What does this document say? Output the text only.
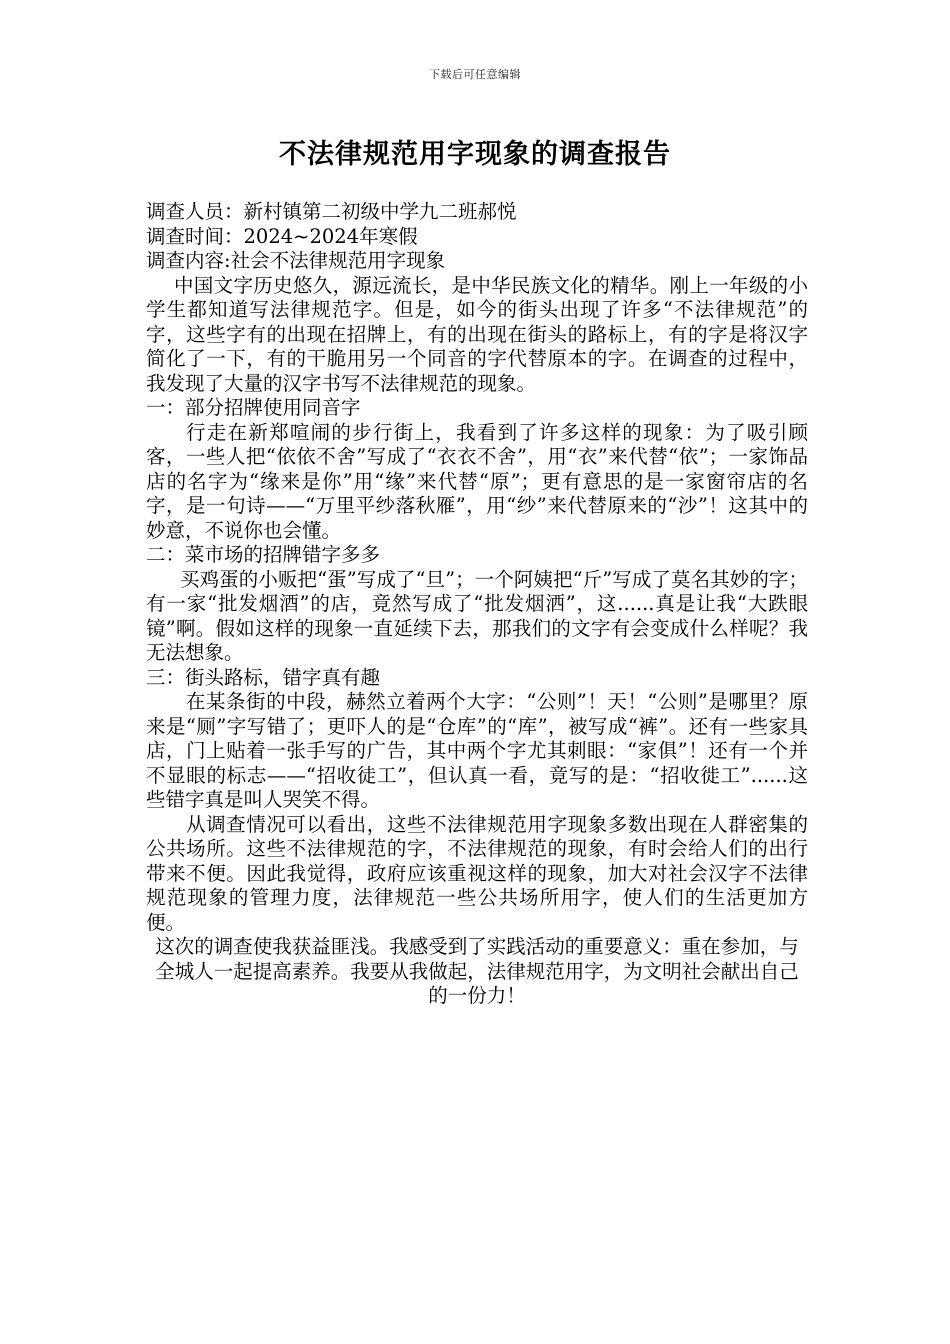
下载后可任意编辑
不法律规范用字现象的调查报告

调查人员：新村镇第二初级中学九二班郝悦

调查时间：2024~2024年寒假

调查内容:社会不法律规范用字现象

中国文字历史悠久，源远流长，是中华民族文化的精华。刚上一年级的小学生都知道写法律规范字。但是，如今的街头出现了许多“不法律规范”的字，这些字有的出现在招牌上，有的出现在街头的路标上，有的字是将汉字简化了一下，有的干脆用另一个同音的字代替原本的字。在调查的过程中，我发现了大量的汉字书写不法律规范的现象。

一：部分招牌使用同音字

行走在新郑喧闹的步行街上，我看到了许多这样的现象：为了吸引顾客，一些人把“依依不舍”写成了“衣衣不舍”，用“衣”来代替“依”；一家饰品店的名字为“缘来是你”用“缘”来代替“原”；更有意思的是一家窗帘店的名字，是一句诗——“万里平纱落秋雁”，用“纱”来代替原来的“沙”！这其中的妙意，不说你也会懂。

二：菜市场的招牌错字多多

买鸡蛋的小贩把“蛋”写成了“旦”；一个阿姨把“斤”写成了莫名其妙的字；有一家“批发烟酒”的店，竟然写成了“批发烟洒”，这......真是让我“大跌眼镜”啊。假如这样的现象一直延续下去，那我们的文字有会变成什么样呢？我无法想象。

三：街头路标，错字真有趣

在某条街的中段，赫然立着两个大字：“公则”！天！“公则”是哪里？原来是“厕”字写错了；更吓人的是“仓库”的“库”，被写成“裤”。还有一些家具店，门上贴着一张手写的广告，其中两个字尤其刺眼：“家俱”！还有一个并不显眼的标志——“招收徒工”，但认真一看，竟写的是：“招收徙工”......这些错字真是叫人哭笑不得。

从调查情况可以看出，这些不法律规范用字现象多数出现在人群密集的公共场所。这些不法律规范的字，不法律规范的现象，有时会给人们的出行带来不便。因此我觉得，政府应该重视这样的现象，加大对社会汉字不法律规范现象的管理力度，法律规范一些公共场所用字，使人们的生活更加方便。

这次的调查使我获益匪浅。我感受到了实践活动的重要意义：重在参加，与全城人一起提高素养。我要从我做起，法律规范用字，为文明社会献出自己的一份力！
